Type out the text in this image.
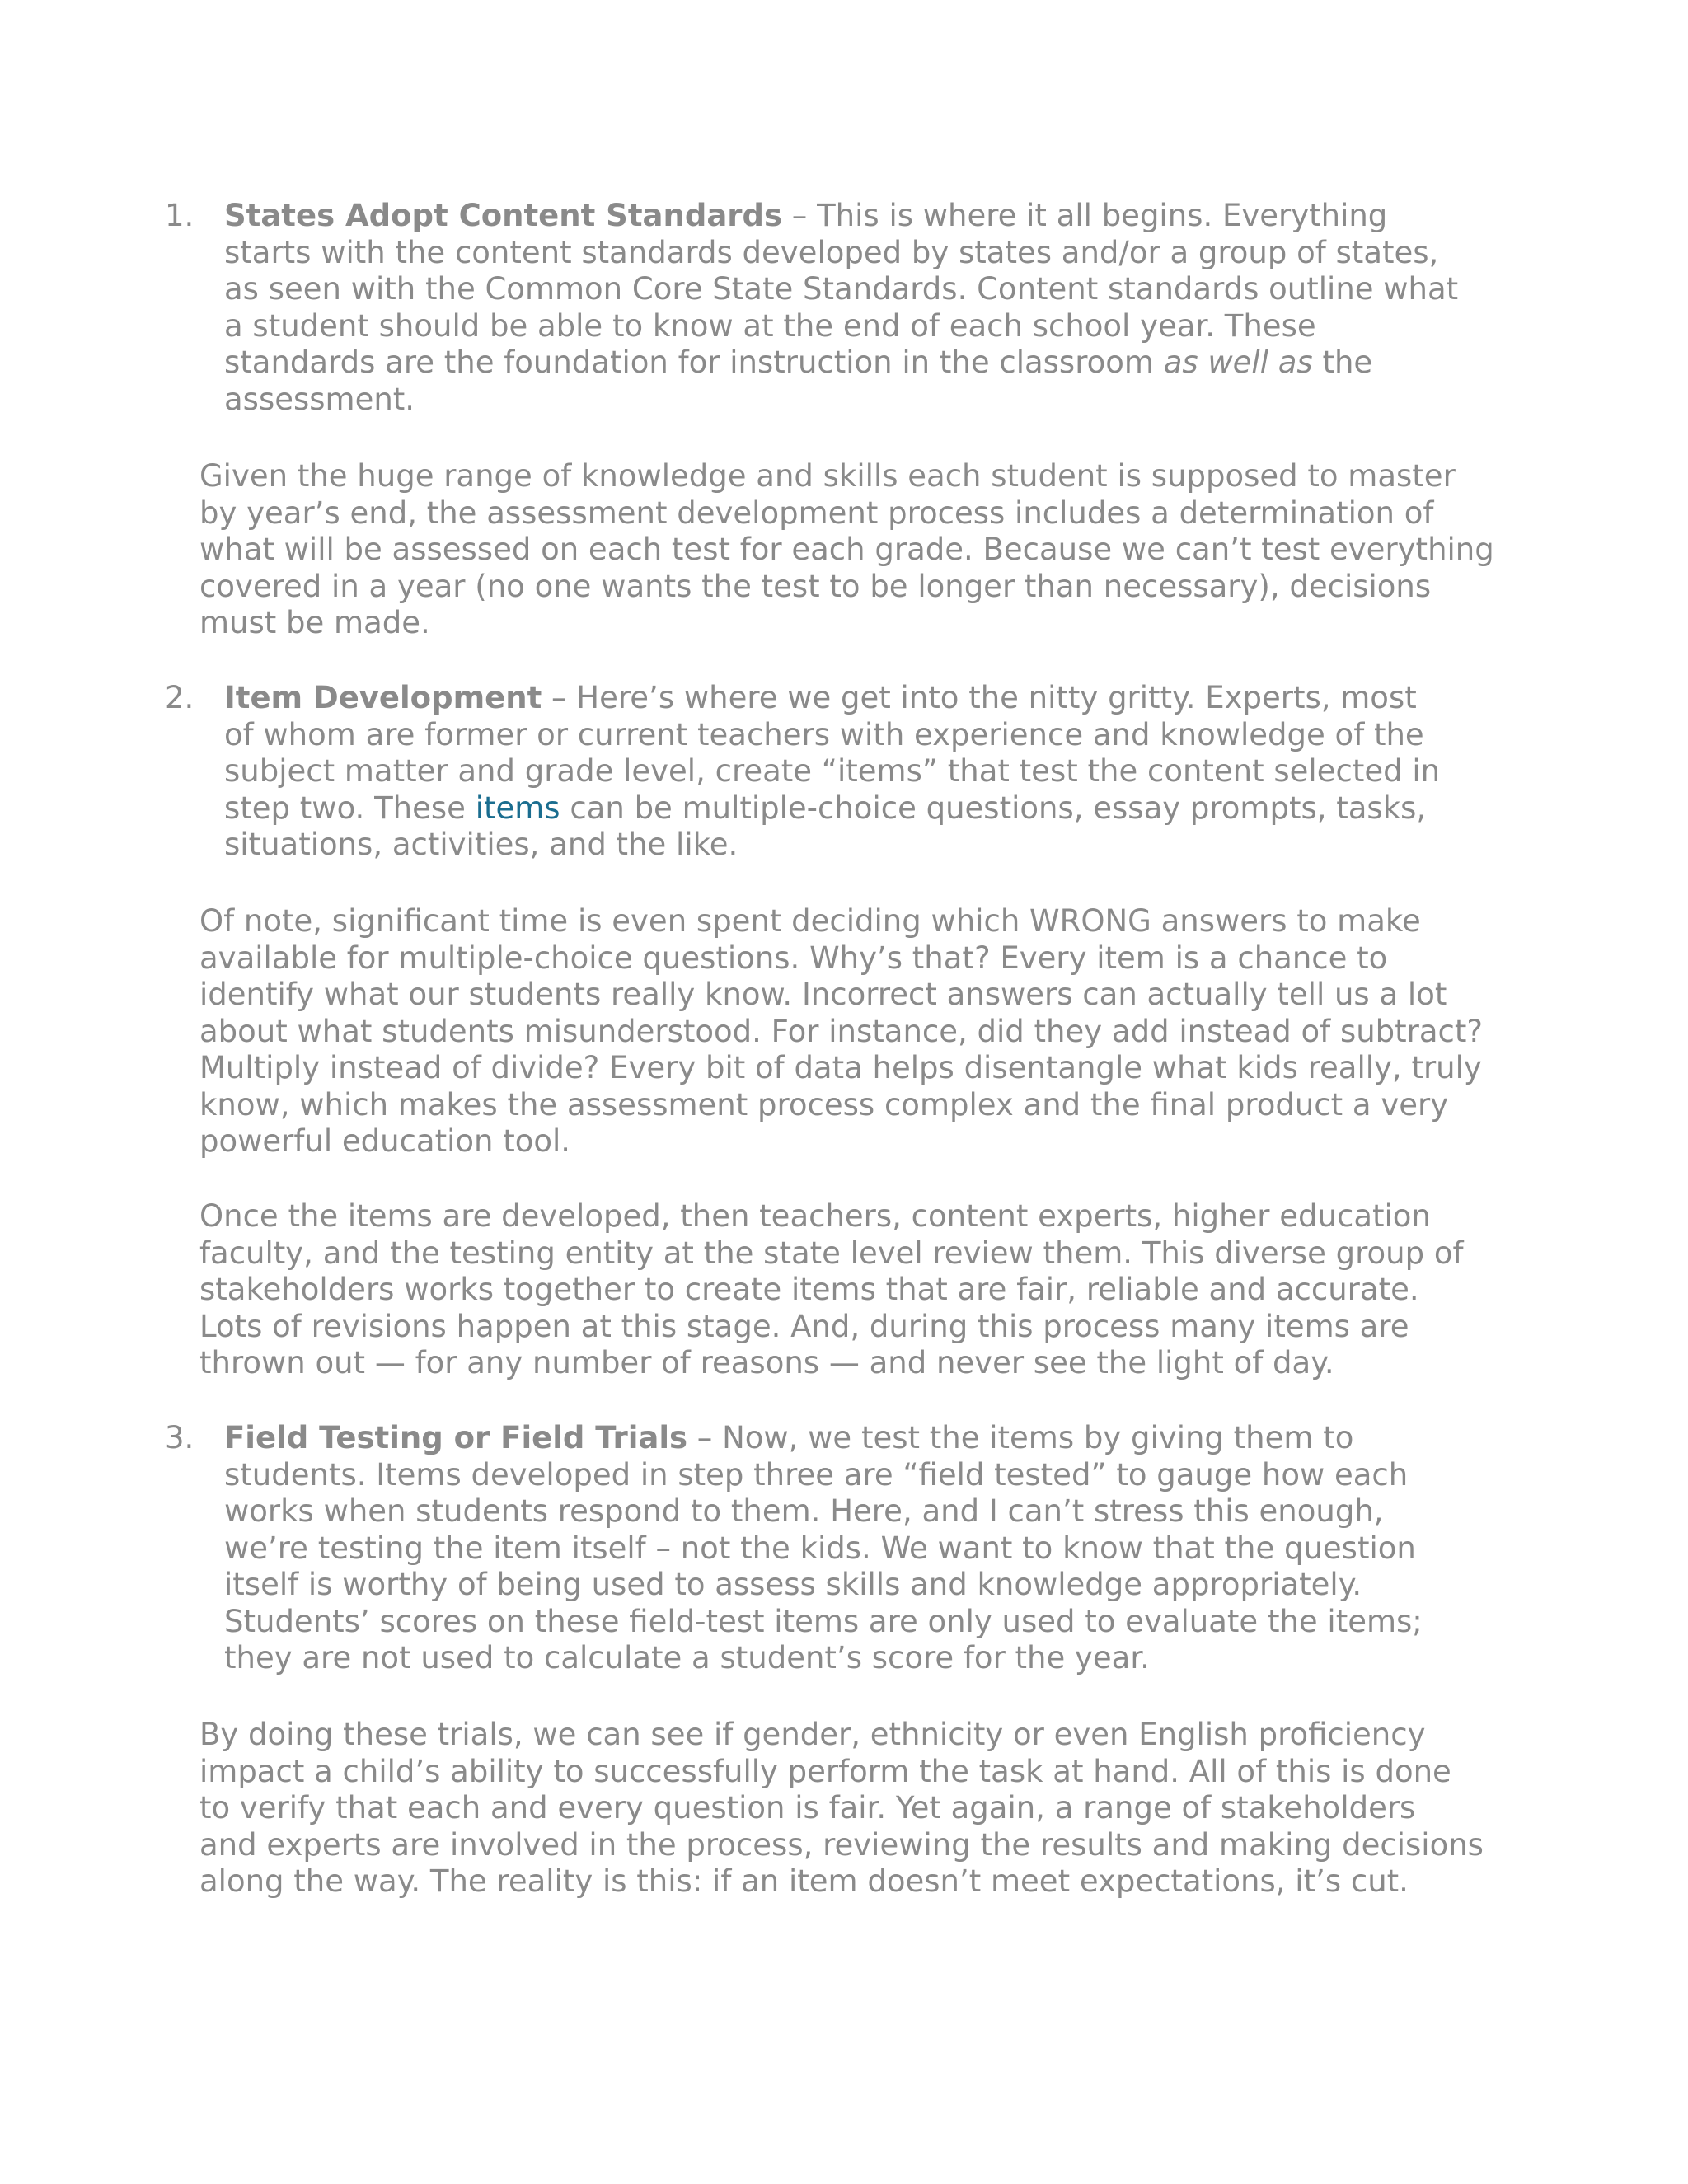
1. States Adopt Content Standards – This is where it all begins. Everything
starts with the content standards developed by states and/or a group of states,
as seen with the Common Core State Standards. Content standards outline what
a student should be able to know at the end of each school year. These
standards are the foundation for instruction in the classroom as well as the
assessment.
Given the huge range of knowledge and skills each student is supposed to master
by year’s end, the assessment development process includes a determination of
what will be assessed on each test for each grade. Because we can’t test everything
covered in a year (no one wants the test to be longer than necessary), decisions
must be made.
2. Item Development – Here’s where we get into the nitty gritty. Experts, most
of whom are former or current teachers with experience and knowledge of the
subject matter and grade level, create “items” that test the content selected in
step two. These items can be multiple-choice questions, essay prompts, tasks,
situations, activities, and the like.
Of note, significant time is even spent deciding which WRONG answers to make
available for multiple-choice questions. Why’s that? Every item is a chance to
identify what our students really know. Incorrect answers can actually tell us a lot
about what students misunderstood. For instance, did they add instead of subtract?
Multiply instead of divide? Every bit of data helps disentangle what kids really, truly
know, which makes the assessment process complex and the final product a very
powerful education tool.
Once the items are developed, then teachers, content experts, higher education
faculty, and the testing entity at the state level review them. This diverse group of
stakeholders works together to create items that are fair, reliable and accurate.
Lots of revisions happen at this stage. And, during this process many items are
thrown out — for any number of reasons — and never see the light of day.
3. Field Testing or Field Trials – Now, we test the items by giving them to
students. Items developed in step three are “field tested” to gauge how each
works when students respond to them. Here, and I can’t stress this enough,
we’re testing the item itself – not the kids. We want to know that the question
itself is worthy of being used to assess skills and knowledge appropriately.
Students’ scores on these field-test items are only used to evaluate the items;
they are not used to calculate a student’s score for the year.
By doing these trials, we can see if gender, ethnicity or even English proficiency
impact a child’s ability to successfully perform the task at hand. All of this is done
to verify that each and every question is fair. Yet again, a range of stakeholders
and experts are involved in the process, reviewing the results and making decisions
along the way. The reality is this: if an item doesn’t meet expectations, it’s cut.
